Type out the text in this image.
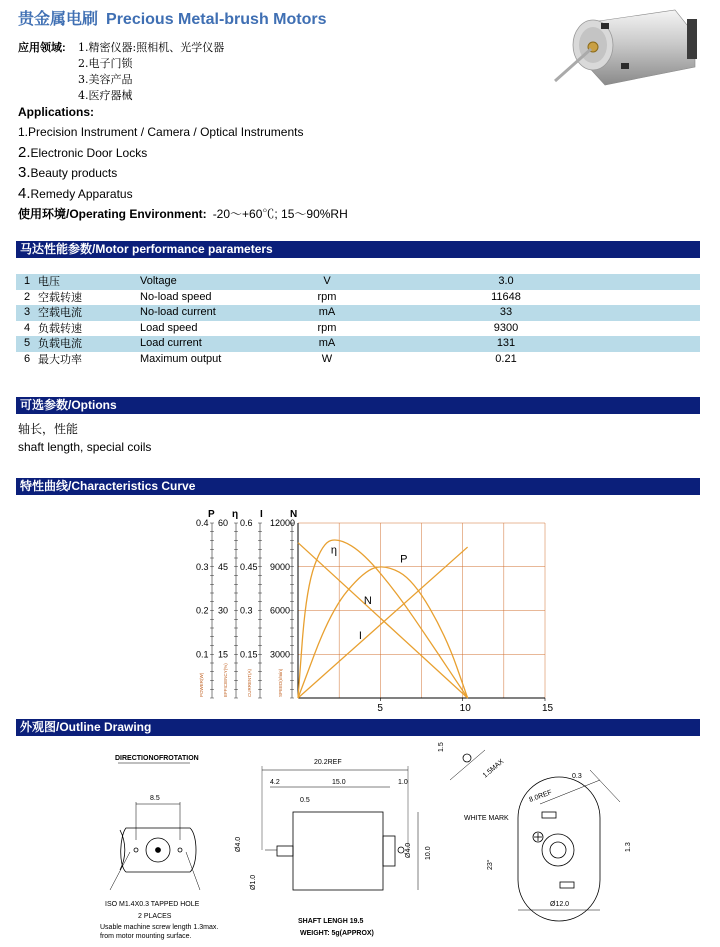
贵金属电刷 Precious Metal-brush Motors
应用领域:	1.精密仪器:照相机、光学仪器
2.电子门锁
3.美容产品
4.医疗器械
Applications:
1.Precision Instrument / Camera / Optical Instruments
2.Electronic Door Locks
3.Beauty products
4.Remedy Apparatus
使用环境/Operating Environment: -20～+60℃; 15～90%RH
马达性能参数/Motor performance parameters
1	电压	Voltage	V	3.0
2	空载转速	No-load speed	rpm	11648
3	空载电流	No-load current	mA	33
4	负载转速	Load speed	rpm	9300
5	负载电流	Load current	mA	131
6	最大功率	Maximum output	W	0.21
可选参数/Options
轴长，性能
shaft length, special coils
特性曲线/Characteristics Curve
P η I	N
0.4 60 0.6 12000
0.3 45 0.45 9000
0.2 30 0.3 6000
0.1 15 0.15 3000
5	10	15
POWER(W)	EFFICIENCY(%)	CURRENT(A)	SPEED(r/min)
P
η
N
I
外观图/Outline Drawing
DIRECTIONOFROTATION
8.5
ISO M1.4X0.3 TAPPED HOLE
2 PLACES
Usable machine screw length 1.3max.
from motor mounting surface.
20.2REF
4.2	15.0	1.0
0.5
Ø4.0	Ø4.0 10.0
Ø1.0
SHAFT LENGH 19.5
WEIGHT: 5g(APPROX)
1.5
1.5MAX
8.0REF
0.3
WHITE MARK
23°
1.3
Ø12.0
